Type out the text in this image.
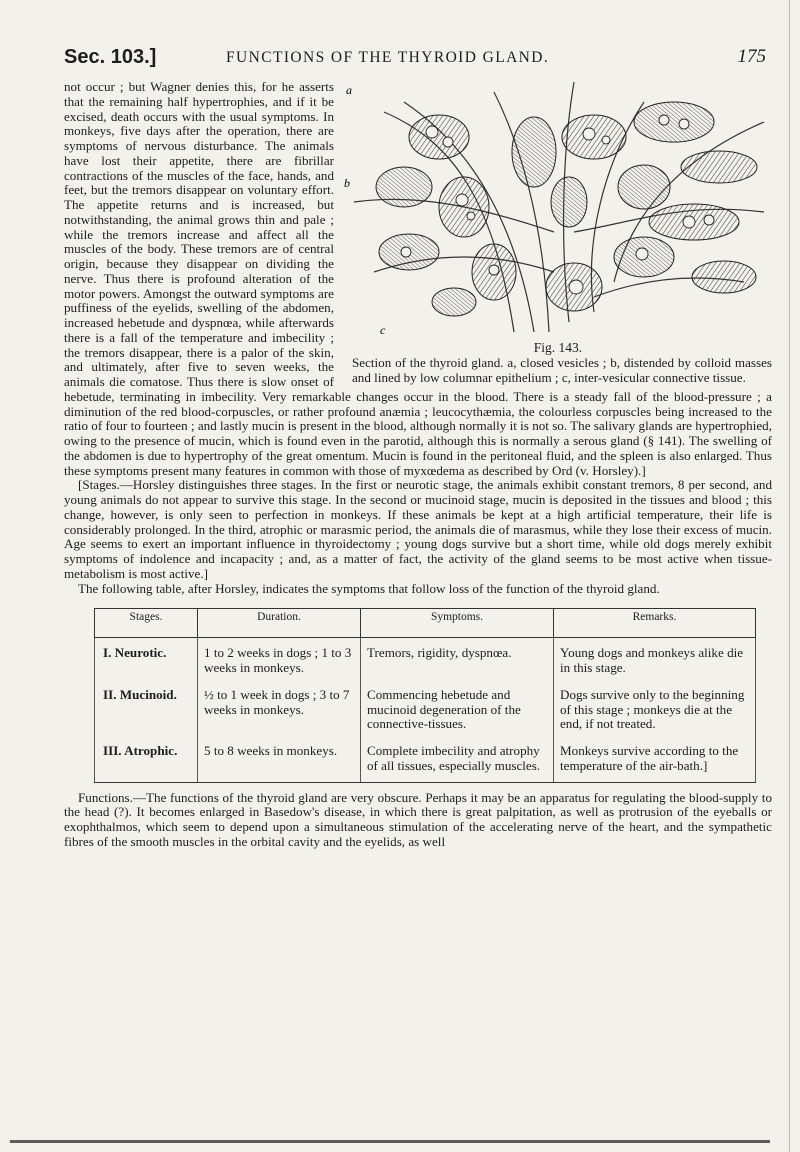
Sec. 103.]	FUNCTIONS OF THE THYROID GLAND.	175
a
b
c
Fig. 143.
Section of the thyroid gland. a, closed vesicles ; b, distended by colloid masses and lined by low columnar epithelium ; c, inter-vesicular connective tissue.

not occur ; but Wagner denies this, for he asserts that the remaining half hypertrophies, and if it be excised, death occurs with the usual symptoms. In monkeys, five days after the operation, there are symptoms of nervous disturbance. The animals have lost their appetite, there are fibrillar contractions of the muscles of the face, hands, and feet, but the tremors disappear on voluntary effort. The appetite returns and is increased, but notwithstanding, the animal grows thin and pale ; while the tremors increase and affect all the muscles of the body. These tremors are of central origin, because they disappear on dividing the nerve. Thus there is profound alteration of the motor powers. Amongst the outward symptoms are puffiness of the eyelids, swelling of the abdomen, increased hebetude and dyspnœa, while afterwards there is a fall of the temperature and imbecility ; the tremors disappear, there is a palor of the skin, and ultimately, after five to seven weeks, the animals die comatose. Thus there is slow onset of hebetude, terminating in imbecility. Very remarkable changes occur in the blood. There is a steady fall of the blood-pressure ; a diminution of the red blood-corpuscles, or rather profound anæmia ; leucocythæmia, the colourless corpuscles being increased to the ratio of four to fourteen ; and lastly mucin is present in the blood, although normally it is not so. The salivary glands are hypertrophied, owing to the presence of mucin, which is found even in the parotid, although this is normally a serous gland (§ 141). The swelling of the abdomen is due to hypertrophy of the great omentum. Mucin is found in the peritoneal fluid, and the spleen is also enlarged. Thus these symptoms present many features in common with those of myxœdema as described by Ord (v. Horsley).]

[Stages.—Horsley distinguishes three stages. In the first or neurotic stage, the animals exhibit constant tremors, 8 per second, and young animals do not appear to survive this stage. In the second or mucinoid stage, mucin is deposited in the tissues and blood ; this change, however, is only seen to perfection in monkeys. If these animals be kept at a high artificial temperature, their life is considerably prolonged. In the third, atrophic or marasmic period, the animals die of marasmus, while they lose their excess of mucin. Age seems to exert an important influence in thyroidectomy ; young dogs survive but a short time, while old dogs merely exhibit symptoms of indolence and incapacity ; and, as a matter of fact, the activity of the gland seems to be most active when tissue-metabolism is most active.]

The following table, after Horsley, indicates the symptoms that follow loss of the function of the thyroid gland.

Stages.	Duration.	Symptoms.	Remarks.
I. Neurotic.	1 to 2 weeks in dogs ; 1 to 3 weeks in monkeys.	Tremors, rigidity, dyspnœa.	Young dogs and monkeys alike die in this stage.
II. Mucinoid.	½ to 1 week in dogs ; 3 to 7 weeks in monkeys.	Commencing hebetude and mucinoid degeneration of the connective-tissues.	Dogs survive only to the beginning of this stage ; monkeys die at the end, if not treated.
III. Atrophic.	5 to 8 weeks in monkeys.	Complete imbecility and atrophy of all tissues, especially muscles.	Monkeys survive according to the temperature of the air-bath.]

Functions.—The functions of the thyroid gland are very obscure. Perhaps it may be an apparatus for regulating the blood-supply to the head (?). It becomes enlarged in Basedow's disease, in which there is great palpitation, as well as protrusion of the eyeballs or exophthalmos, which seem to depend upon a simultaneous stimulation of the accelerating nerve of the heart, and the sympathetic fibres of the smooth muscles in the orbital cavity and the eyelids, as well
